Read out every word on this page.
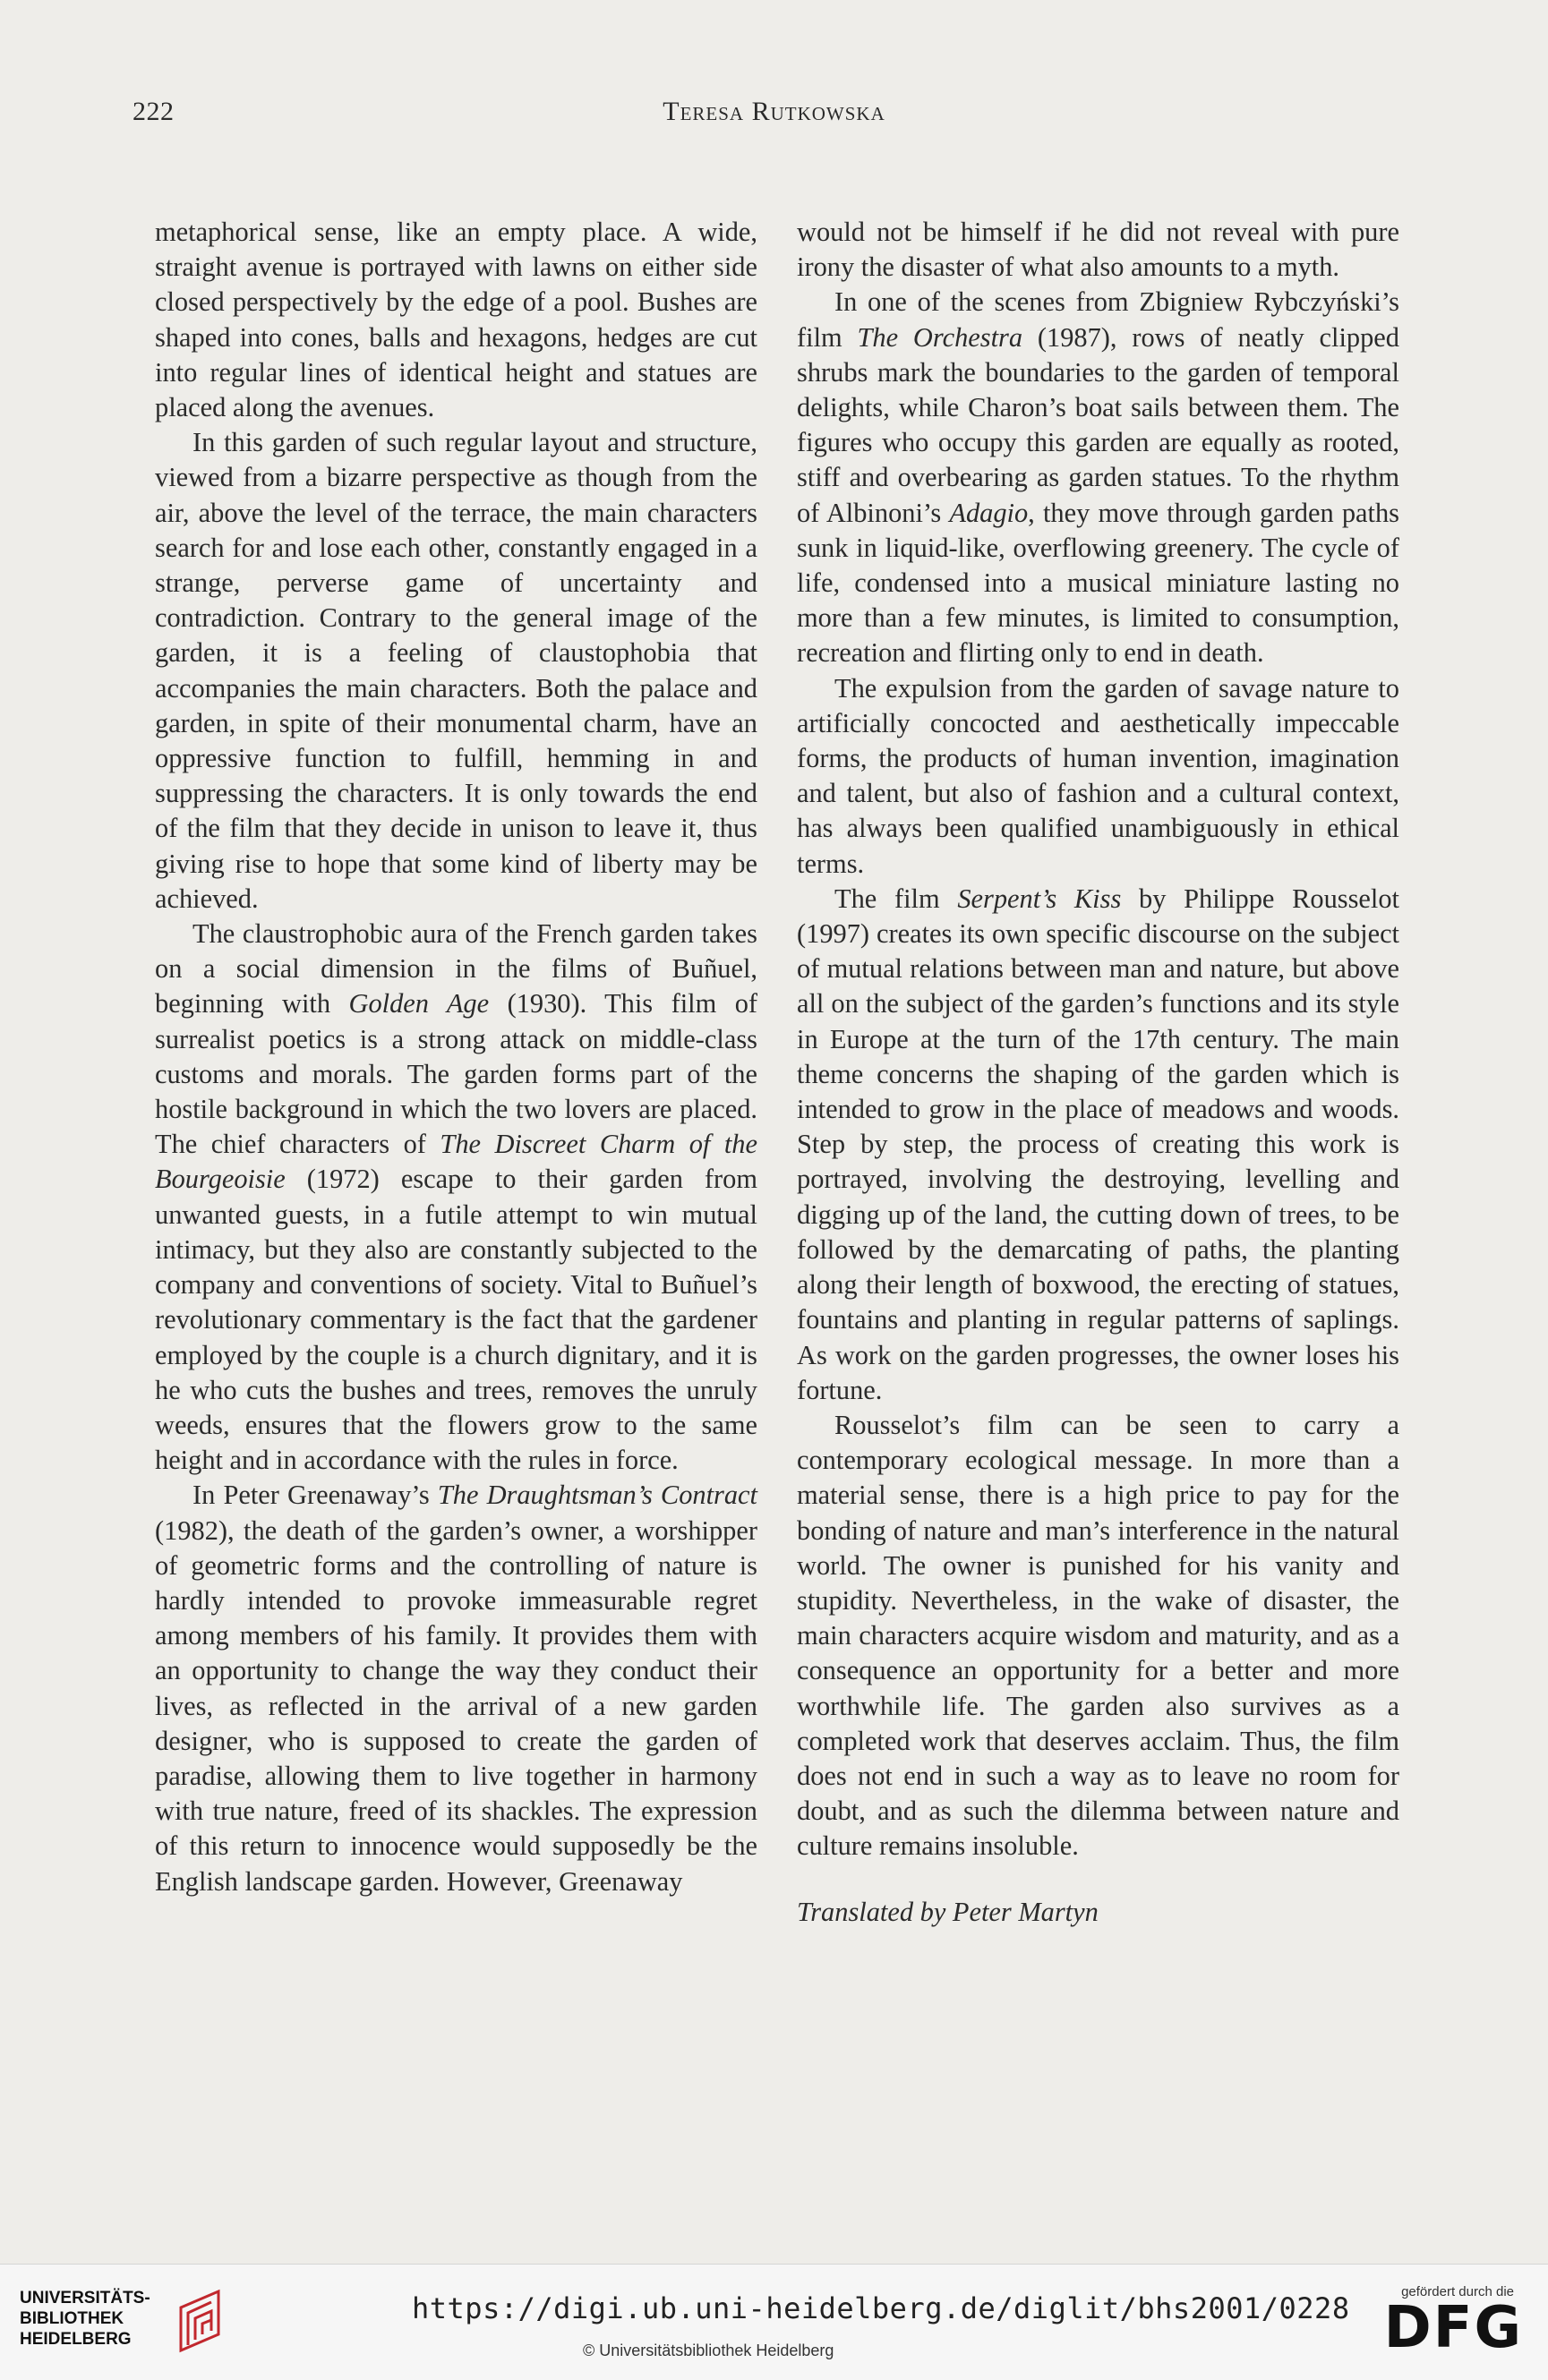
222	Teresa Rutkowska

metaphorical sense, like an empty place. A wide, straight avenue is portrayed with lawns on either side closed perspectively by the edge of a pool. Bushes are shaped into cones, balls and hexagons, hedges are cut into regular lines of identical height and statues are placed along the avenues.

In this garden of such regular layout and structure, viewed from a bizarre perspective as though from the air, above the level of the terrace, the main characters search for and lose each other, constantly engaged in a strange, perverse game of uncertainty and contradiction. Contrary to the general image of the garden, it is a feeling of claustophobia that accompanies the main characters. Both the palace and garden, in spite of their monumental charm, have an oppressive function to fulfill, hemming in and suppressing the characters. It is only towards the end of the film that they decide in unison to leave it, thus giving rise to hope that some kind of liberty may be achieved.

The claustrophobic aura of the French garden takes on a social dimension in the films of Buñuel, beginning with Golden Age (1930). This film of surrealist poetics is a strong attack on middle-class customs and morals. The garden forms part of the hostile background in which the two lovers are placed. The chief characters of The Discreet Charm of the Bourgeoisie (1972) escape to their garden from unwanted guests, in a futile attempt to win mutual intimacy, but they also are constantly subjected to the company and conventions of society. Vital to Buñuel’s revolutionary commentary is the fact that the gardener employed by the couple is a church dignitary, and it is he who cuts the bushes and trees, removes the unruly weeds, ensures that the flowers grow to the same height and in accordance with the rules in force.

In Peter Greenaway’s The Draughtsman’s Contract (1982), the death of the garden’s owner, a worshipper of geometric forms and the controlling of nature is hardly intended to provoke immeasurable regret among members of his family. It provides them with an opportunity to change the way they conduct their lives, as reflected in the arrival of a new garden designer, who is supposed to create the garden of paradise, allowing them to live together in harmony with true nature, freed of its shackles. The expression of this return to innocence would supposedly be the English landscape garden. However, Greenaway

would not be himself if he did not reveal with pure irony the disaster of what also amounts to a myth.

In one of the scenes from Zbigniew Rybczyński’s film The Orchestra (1987), rows of neatly clipped shrubs mark the boundaries to the garden of temporal delights, while Charon’s boat sails between them. The figures who occupy this garden are equally as rooted, stiff and overbearing as garden statues. To the rhythm of Albinoni’s Adagio, they move through garden paths sunk in liquid-like, overflowing greenery. The cycle of life, condensed into a musical miniature lasting no more than a few minutes, is limited to consumption, recreation and flirting only to end in death.

The expulsion from the garden of savage nature to artificially concocted and aesthetically impeccable forms, the products of human invention, imagination and talent, but also of fashion and a cultural context, has always been qualified unambiguously in ethical terms.

The film Serpent’s Kiss by Philippe Rousselot (1997) creates its own specific discourse on the subject of mutual relations between man and nature, but above all on the subject of the garden’s functions and its style in Europe at the turn of the 17th century. The main theme concerns the shaping of the garden which is intended to grow in the place of meadows and woods. Step by step, the process of creating this work is portrayed, involving the destroying, levelling and digging up of the land, the cutting down of trees, to be followed by the demarcating of paths, the planting along their length of boxwood, the erecting of statues, fountains and planting in regular patterns of saplings. As work on the garden progresses, the owner loses his fortune.

Rousselot’s film can be seen to carry a contemporary ecological message. In more than a material sense, there is a high price to pay for the bonding of nature and man’s interference in the natural world. The owner is punished for his vanity and stupidity. Nevertheless, in the wake of disaster, the main characters acquire wisdom and maturity, and as a consequence an opportunity for a better and more worthwhile life. The garden also survives as a completed work that deserves acclaim. Thus, the film does not end in such a way as to leave no room for doubt, and as such the dilemma between nature and culture remains insoluble.

Translated by Peter Martyn

UNIVERSITÄTS-
BIBLIOTHEK
HEIDELBERG
https://digi.ub.uni-heidelberg.de/diglit/bhs2001/0228
© Universitätsbibliothek Heidelberg
gefördert durch die
DFG
